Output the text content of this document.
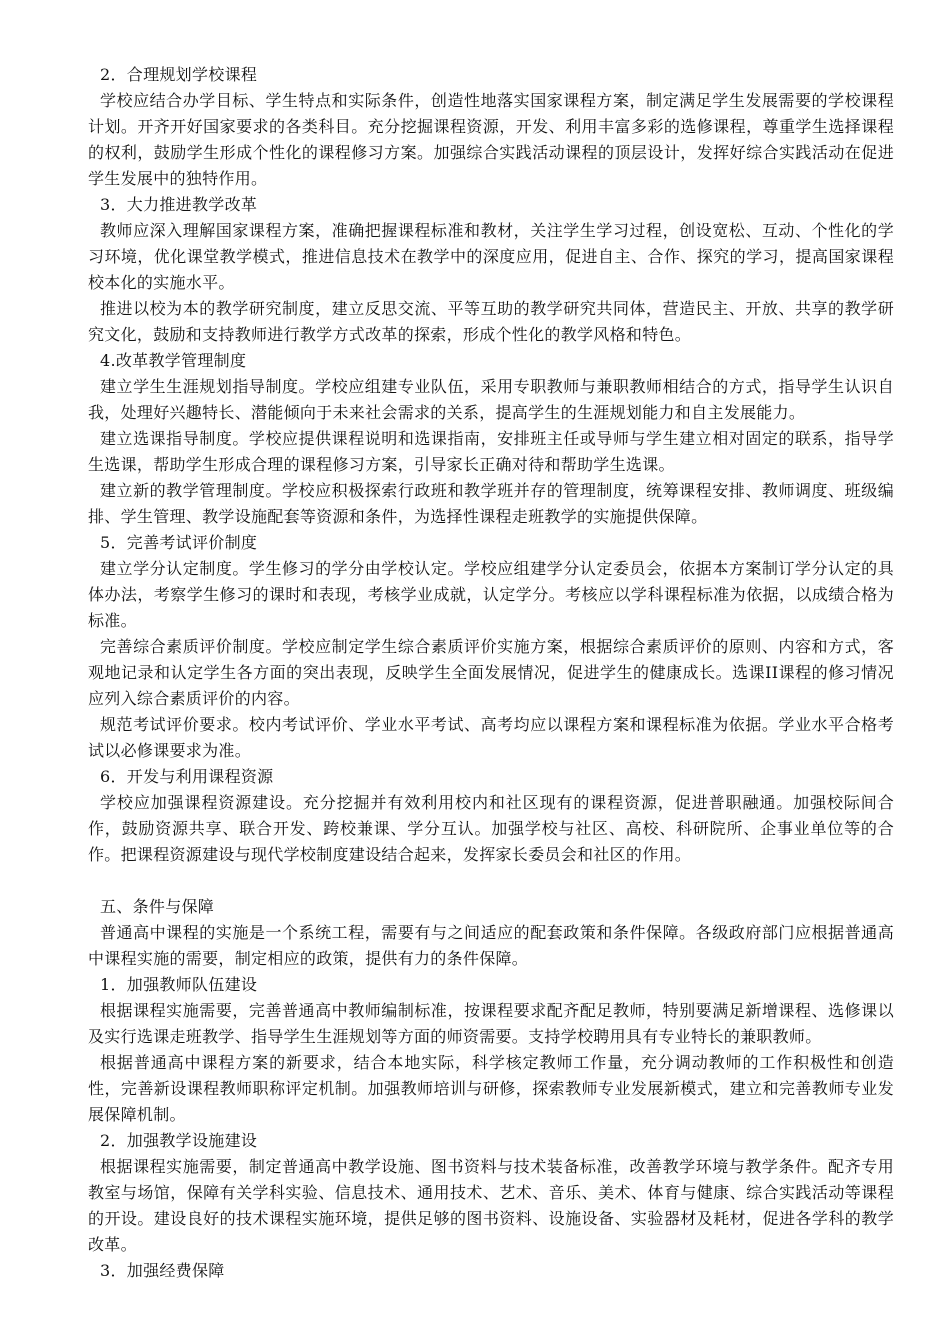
2．合理规划学校课程

学校应结合办学目标、学生特点和实际条件，创造性地落实国家课程方案，制定满足学生发展需要的学校课程计划。开齐开好国家要求的各类科目。充分挖掘课程资源，开发、利用丰富多彩的选修课程，尊重学生选择课程的权利，鼓励学生形成个性化的课程修习方案。加强综合实践活动课程的顶层设计，发挥好综合实践活动在促进学生发展中的独特作用。

3．大力推进教学改革

教师应深入理解国家课程方案，准确把握课程标准和教材，关注学生学习过程，创设宽松、互动、个性化的学习环境，优化课堂教学模式，推进信息技术在教学中的深度应用，促进自主、合作、探究的学习，提高国家课程校本化的实施水平。

推进以校为本的教学研究制度，建立反思交流、平等互助的教学研究共同体，营造民主、开放、共享的教学研究文化，鼓励和支持教师进行教学方式改革的探索，形成个性化的教学风格和特色。

4.改革教学管理制度

建立学生生涯规划指导制度。学校应组建专业队伍，采用专职教师与兼职教师相结合的方式，指导学生认识自我，处理好兴趣特长、潜能倾向于未来社会需求的关系，提高学生的生涯规划能力和自主发展能力。

建立选课指导制度。学校应提供课程说明和选课指南，安排班主任或导师与学生建立相对固定的联系，指导学生选课，帮助学生形成合理的课程修习方案，引导家长正确对待和帮助学生选课。

建立新的教学管理制度。学校应积极探索行政班和教学班并存的管理制度，统筹课程安排、教师调度、班级编排、学生管理、教学设施配套等资源和条件，为选择性课程走班教学的实施提供保障。

5．完善考试评价制度

建立学分认定制度。学生修习的学分由学校认定。学校应组建学分认定委员会，依据本方案制订学分认定的具体办法，考察学生修习的课时和表现，考核学业成就，认定学分。考核应以学科课程标准为依据，以成绩合格为标准。

完善综合素质评价制度。学校应制定学生综合素质评价实施方案，根据综合素质评价的原则、内容和方式，客观地记录和认定学生各方面的突出表现，反映学生全面发展情况，促进学生的健康成长。选课II课程的修习情况应列入综合素质评价的内容。

规范考试评价要求。校内考试评价、学业水平考试、高考均应以课程方案和课程标准为依据。学业水平合格考试以必修课要求为准。

6．开发与利用课程资源

学校应加强课程资源建设。充分挖掘并有效利用校内和社区现有的课程资源，促进普职融通。加强校际间合作，鼓励资源共享、联合开发、跨校兼课、学分互认。加强学校与社区、高校、科研院所、企事业单位等的合作。把课程资源建设与现代学校制度建设结合起来，发挥家长委员会和社区的作用。

五、条件与保障

普通高中课程的实施是一个系统工程，需要有与之间适应的配套政策和条件保障。各级政府部门应根据普通高中课程实施的需要，制定相应的政策，提供有力的条件保障。

1．加强教师队伍建设

根据课程实施需要，完善普通高中教师编制标准，按课程要求配齐配足教师，特别要满足新增课程、选修课以及实行选课走班教学、指导学生生涯规划等方面的师资需要。支持学校聘用具有专业特长的兼职教师。

根据普通高中课程方案的新要求，结合本地实际，科学核定教师工作量，充分调动教师的工作积极性和创造性，完善新设课程教师职称评定机制。加强教师培训与研修，探索教师专业发展新模式，建立和完善教师专业发展保障机制。

2．加强教学设施建设

根据课程实施需要，制定普通高中教学设施、图书资料与技术装备标准，改善教学环境与教学条件。配齐专用教室与场馆，保障有关学科实验、信息技术、通用技术、艺术、音乐、美术、体育与健康、综合实践活动等课程的开设。建设良好的技术课程实施环境，提供足够的图书资料、设施设备、实验器材及耗材，促进各学科的教学改革。

3．加强经费保障
